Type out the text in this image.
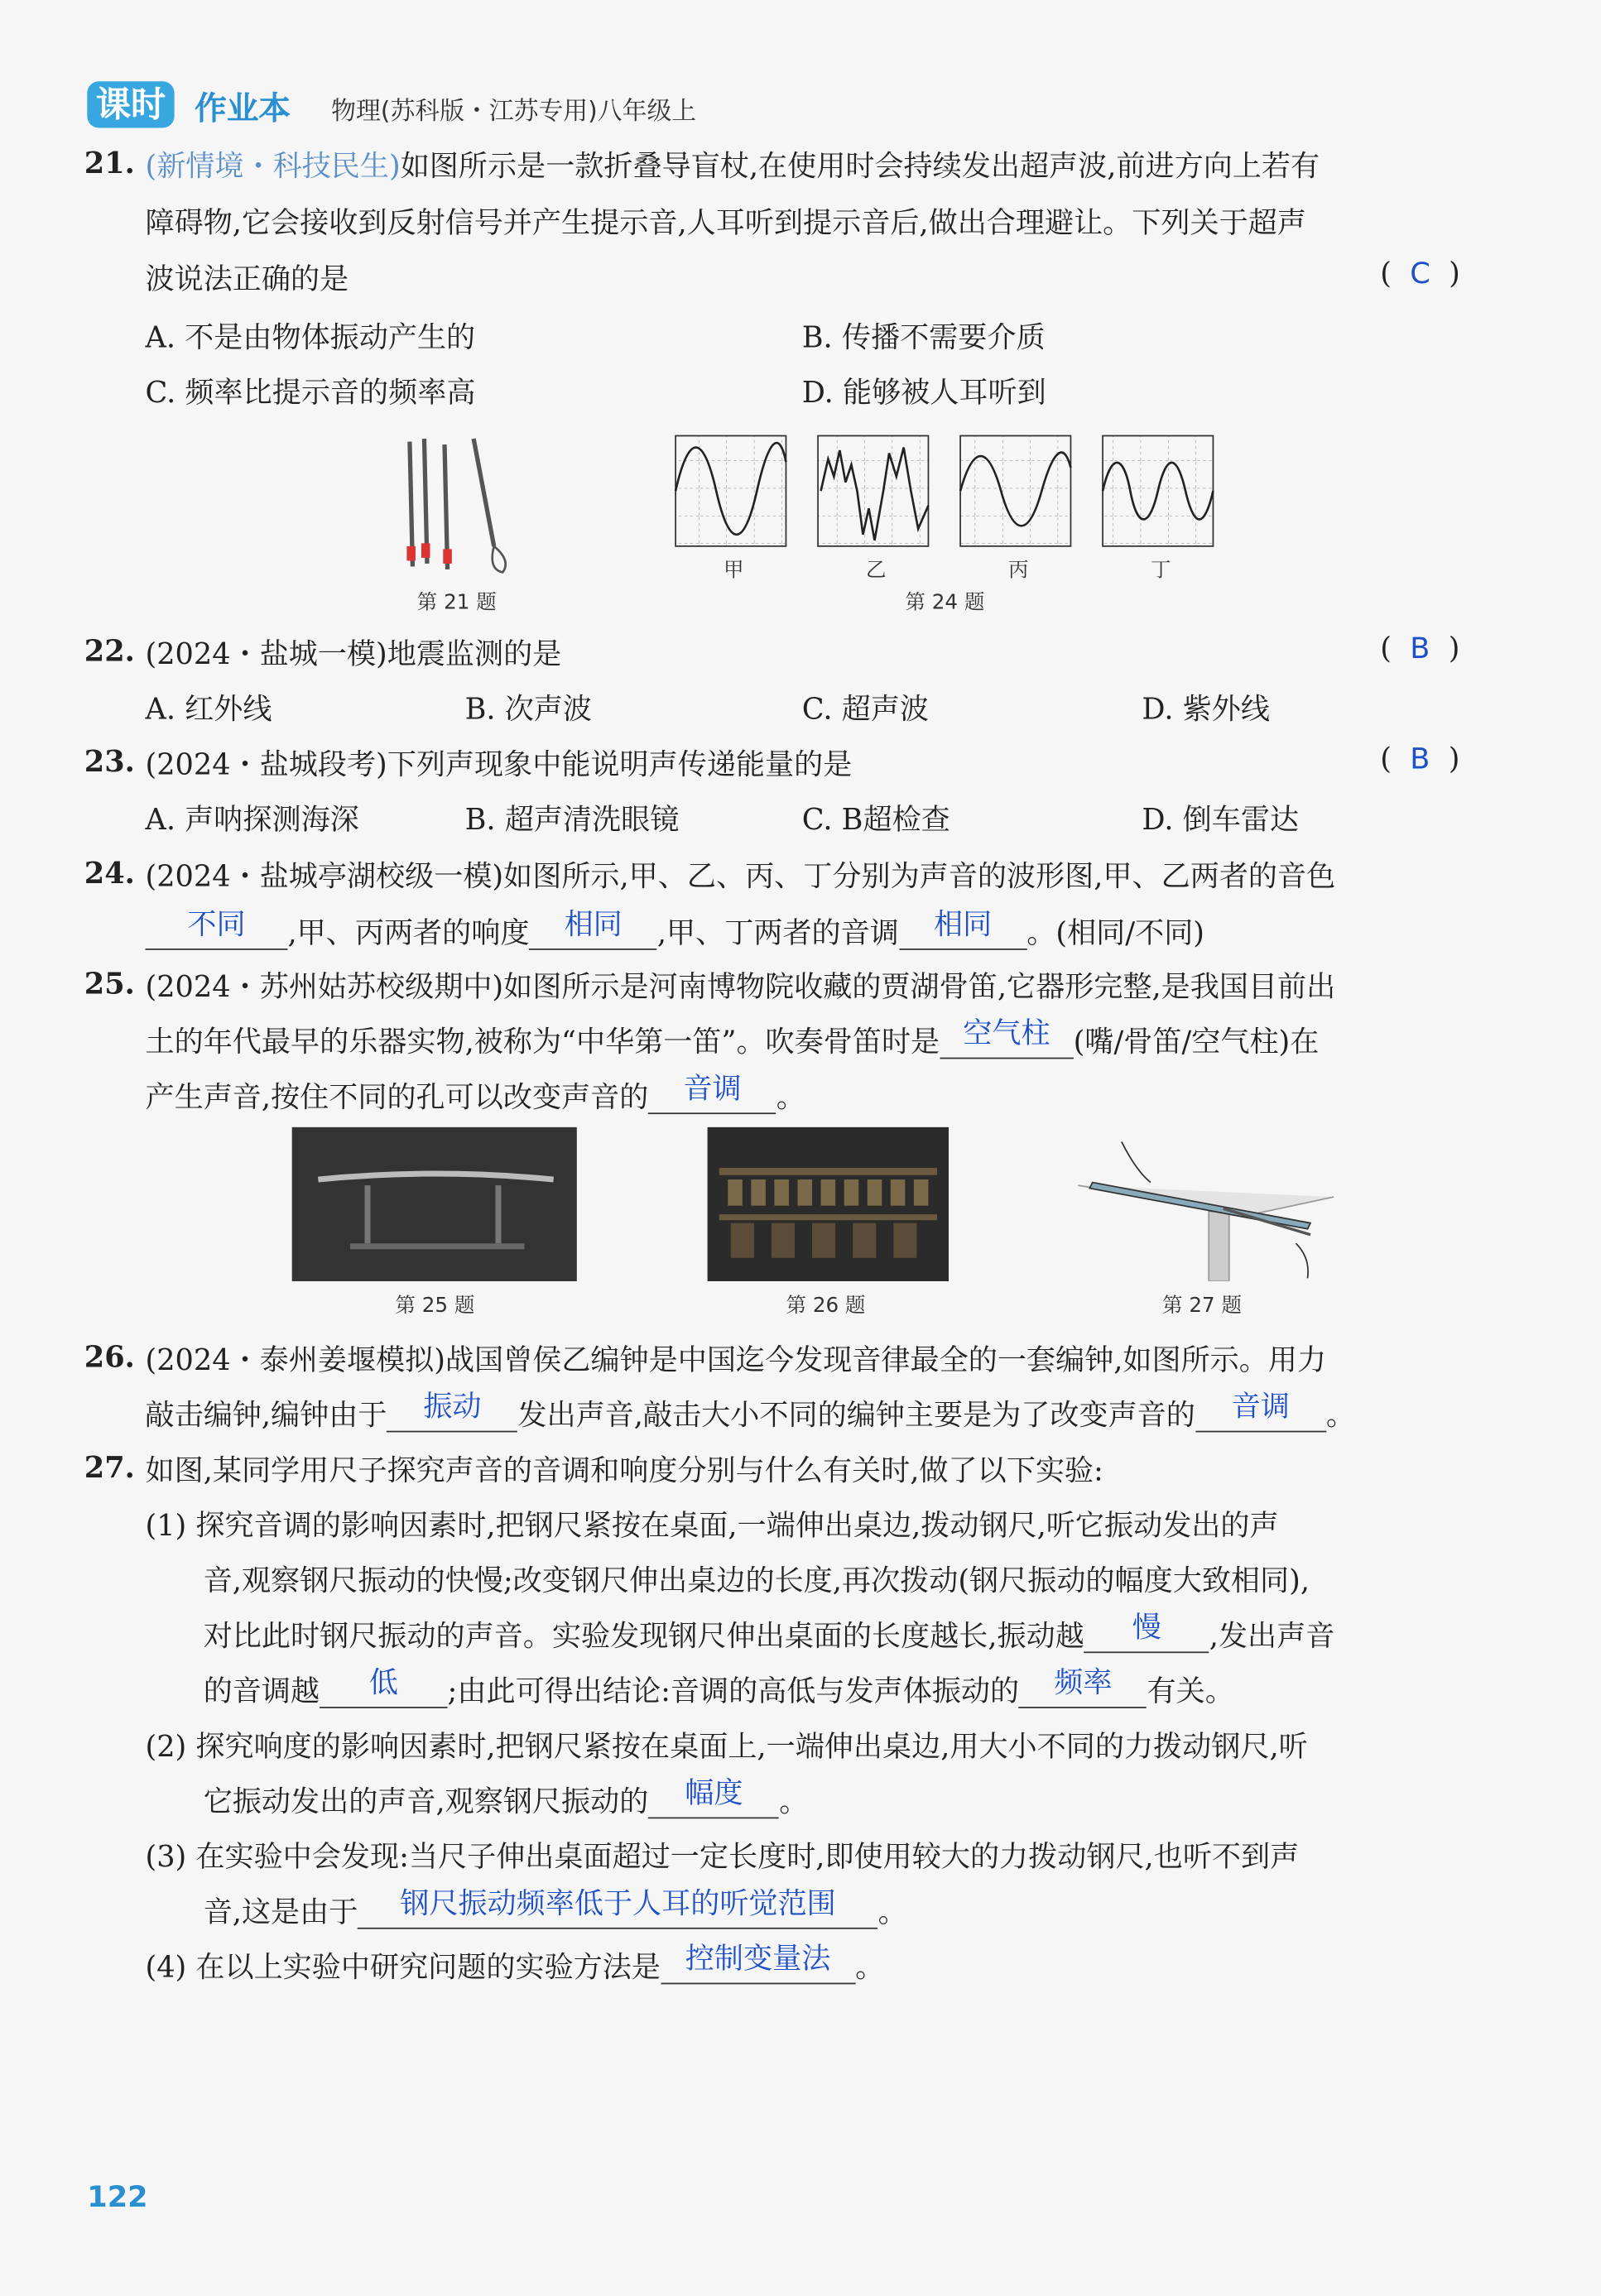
课时	作业本	物理(苏科版・江苏专用)八年级上
21. (新情境・科技民生)如图所示是一款折叠导盲杖,在使用时会持续发出超声波,前进方向上若有
障碍物,它会接收到反射信号并产生提示音,人耳听到提示音后,做出合理避让。下列关于超声
波说法正确的是	(  C  )
A. 不是由物体振动产生的	B. 传播不需要介质
C. 频率比提示音的频率高	D. 能够被人耳听到
第 21 题
甲	乙	丙	丁
第 24 题
22. (2024・盐城一模)地震监测的是	(  B  )
A. 红外线	B. 次声波	C. 超声波	D. 紫外线
23. (2024・盐城段考)下列声现象中能说明声传递能量的是	(  B  )
A. 声呐探测海深	B. 超声清洗眼镜	C. B超检查	D. 倒车雷达
24. (2024・盐城亭湖校级一模)如图所示,甲、乙、丙、丁分别为声音的波形图,甲、乙两者的音色
不同	,甲、丙两者的响度 相同 ,甲、丁两者的音调 相同 。(相同/不同)
25. (2024・苏州姑苏校级期中)如图所示是河南博物院收藏的贾湖骨笛,它器形完整,是我国目前出
土的年代最早的乐器实物,被称为“中华第一笛”。吹奏骨笛时是 空气柱 (嘴/骨笛/空气柱)在
产生声音,按住不同的孔可以改变声音的 音调 。
第 25 题	第 26 题	第 27 题
26. (2024・泰州姜堰模拟)战国曾侯乙编钟是中国迄今发现音律最全的一套编钟,如图所示。用力
敲击编钟,编钟由于 振动 发出声音,敲击大小不同的编钟主要是为了改变声音的 音调 。
27. 如图,某同学用尺子探究声音的音调和响度分别与什么有关时,做了以下实验:
(1) 探究音调的影响因素时,把钢尺紧按在桌面,一端伸出桌边,拨动钢尺,听它振动发出的声
音,观察钢尺振动的快慢;改变钢尺伸出桌边的长度,再次拨动(钢尺振动的幅度大致相同),
对比此时钢尺振动的声音。实验发现钢尺伸出桌面的长度越长,振动越	慢	,发出声音
的音调越	低	;由此可得出结论:音调的高低与发声体振动的 频率 有关。
(2) 探究响度的影响因素时,把钢尺紧按在桌面上,一端伸出桌边,用大小不同的力拨动钢尺,听
它振动发出的声音,观察钢尺振动的 幅度 。
(3) 在实验中会发现:当尺子伸出桌面超过一定长度时,即使用较大的力拨动钢尺,也听不到声
音,这是由于	钢尺振动频率低于人耳的听觉范围	。
(4) 在以上实验中研究问题的实验方法是 控制变量法 。
122
